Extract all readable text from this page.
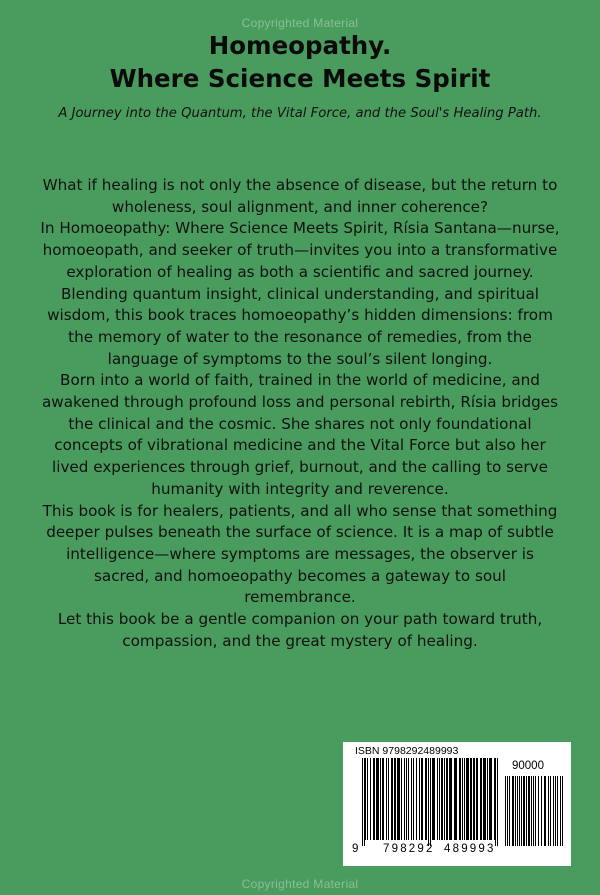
Copyrighted Material
Homeopathy.
Where Science Meets Spirit
A Journey into the Quantum, the Vital Force, and the Soul's Healing Path.

What if healing is not only the absence of disease, but the return to wholeness, soul alignment, and inner coherence?

In Homoeopathy: Where Science Meets Spirit, Rísia Santana—nurse, homoeopath, and seeker of truth—invites you into a transformative exploration of healing as both a scientific and sacred journey. Blending quantum insight, clinical understanding, and spiritual wisdom, this book traces homoeopathy’s hidden dimensions: from the memory of water to the resonance of remedies, from the language of symptoms to the soul’s silent longing.

Born into a world of faith, trained in the world of medicine, and awakened through profound loss and personal rebirth, Rísia bridges the clinical and the cosmic. She shares not only foundational concepts of vibrational medicine and the Vital Force but also her lived experiences through grief, burnout, and the calling to serve humanity with integrity and reverence.

This book is for healers, patients, and all who sense that something deeper pulses beneath the surface of science. It is a map of subtle intelligence—where symptoms are messages, the observer is sacred, and homoeopathy becomes a gateway to soul remembrance.

Let this book be a gentle companion on your path toward truth, compassion, and the great mystery of healing.

ISBN 9798292489993
90000
9 798292 489993
Copyrighted Material
